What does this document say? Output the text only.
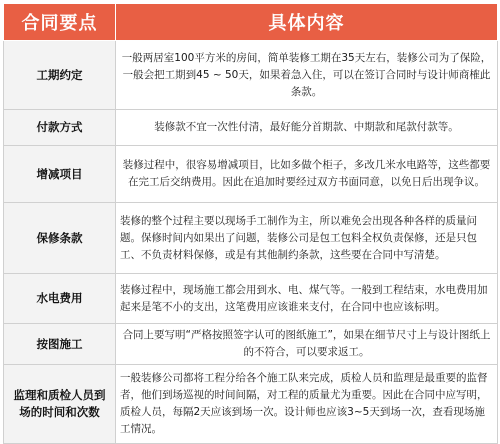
合同要点	具体内容
工期约定	一般两居室100平方米的房间，简单装修工期在35天左右，装修公司为了保险，一般会把工期到45 ~ 50天，如果着急入住，可以在签订合同时与设计师商榷此条款。
付款方式	装修款不宜一次性付清，最好能分首期款、中期款和尾款付款等。
增减项目	装修过程中，很容易增减项目，比如多做个柜子，多改几米水电路等，这些都要在完工后交纳费用。因此在追加时要经过双方书面同意，以免日后出现争议。
保修条款	装修的整个过程主要以现场手工制作为主，所以难免会出现各种各样的质量问题。保修时间内如果出了问题，装修公司是包工包料全权负责保修，还是只包工、不负责材料保修，或是有其他制约条款，这些要在合同中写清楚。
水电费用	装修过程中，现场施工都会用到水、电、煤气等。一般到工程结束，水电费用加起来是笔不小的支出，这笔费用应该谁来支付，在合同中也应该标明。
按图施工	合同上要写明“严格按照签字认可的图纸施工”，如果在细节尺寸上与设计图纸上的不符合，可以要求返工。
监理和质检人员到场的时间和次数	一般装修公司都将工程分给各个施工队来完成，质检人员和监理是最重要的监督者，他们到场巡视的时间间隔，对工程的质量尤为重要。因此在合同中应写明，质检人员，每隔2天应该到场一次。设计师也应该3~5天到场一次，查看现场施工情况。
